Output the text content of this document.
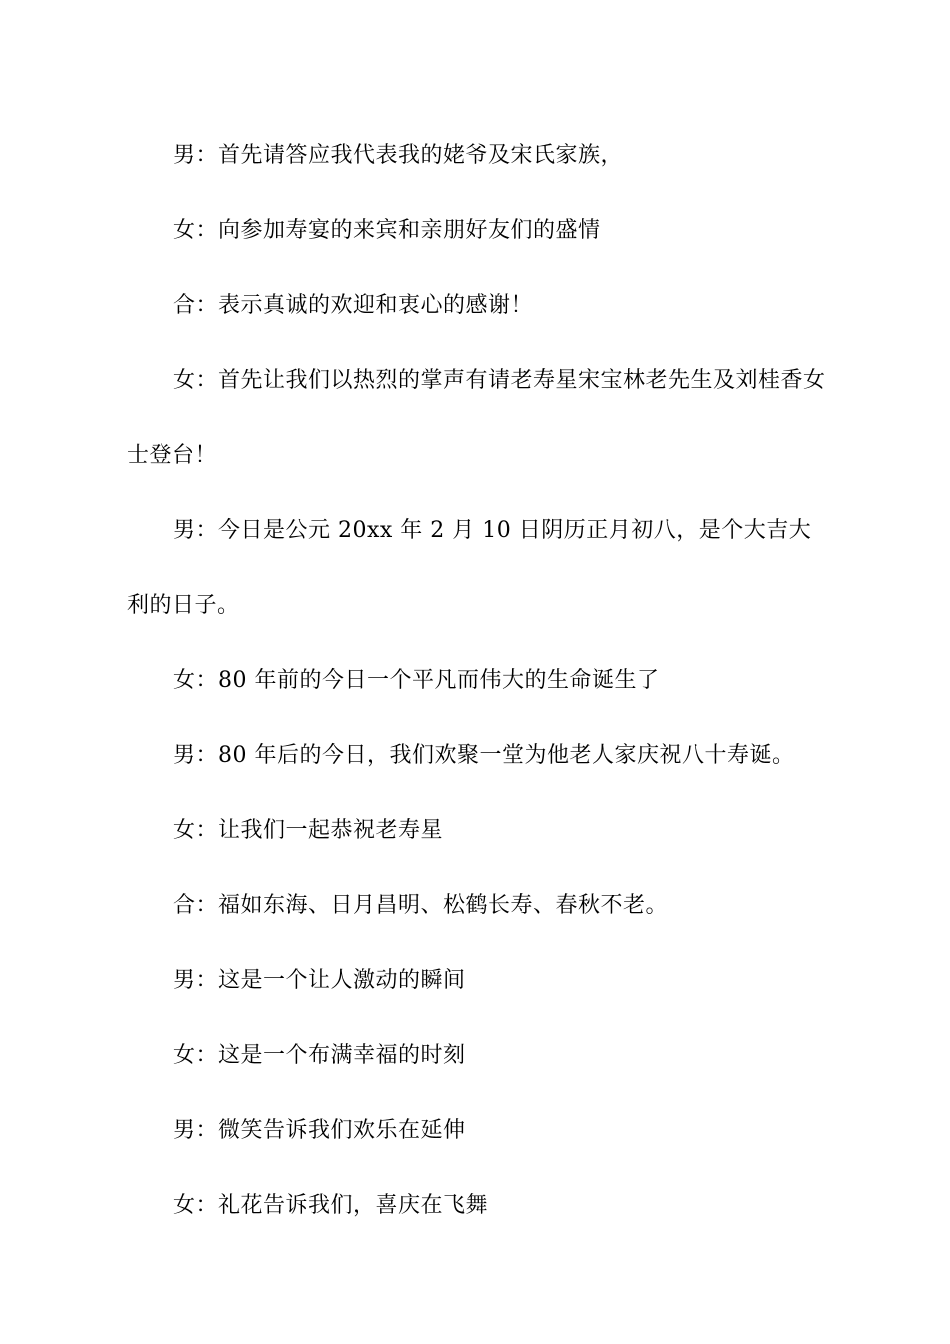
男：首先请答应我代表我的姥爷及宋氏家族，

女：向参加寿宴的来宾和亲朋好友们的盛情

合：表示真诚的欢迎和衷心的感谢！

女：首先让我们以热烈的掌声有请老寿星宋宝林老先生及刘桂香女士登台！

男：今日是公元 20xx 年 2 月 10 日阴历正月初八，是个大吉大利的日子。

女：80 年前的今日一个平凡而伟大的生命诞生了

男：80 年后的今日，我们欢聚一堂为他老人家庆祝八十寿诞。

女：让我们一起恭祝老寿星

合：福如东海、日月昌明、松鹤长寿、春秋不老。

男：这是一个让人激动的瞬间

女：这是一个布满幸福的时刻

男：微笑告诉我们欢乐在延伸

女：礼花告诉我们，喜庆在飞舞
